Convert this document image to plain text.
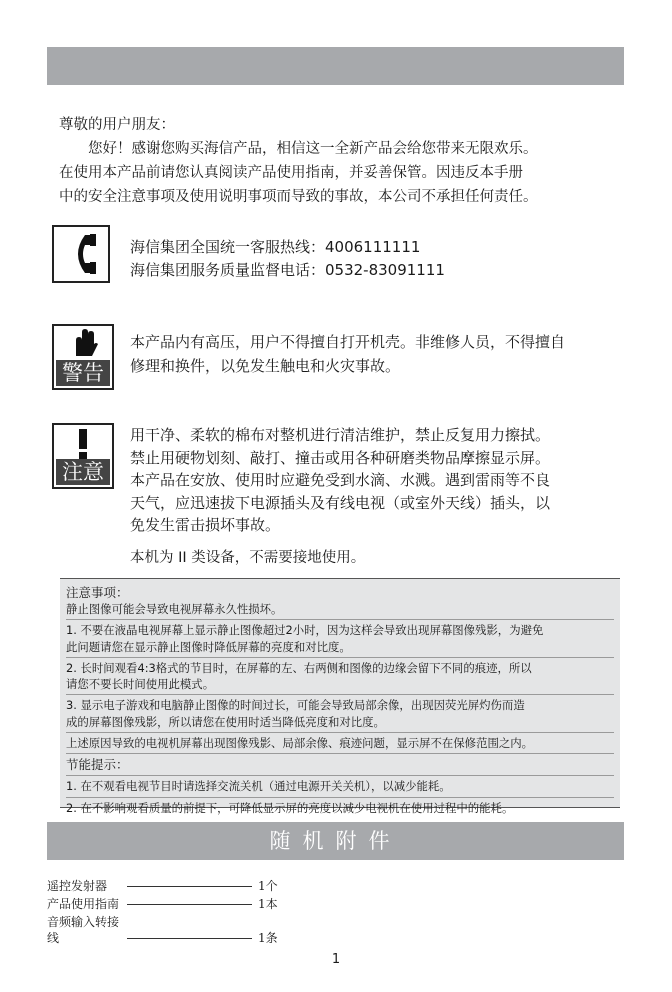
尊敬的用户朋友：

您好！感谢您购买海信产品，相信这一全新产品会给您带来无限欢乐。

在使用本产品前请您认真阅读产品使用指南，并妥善保管。因违反本手册

中的安全注意事项及使用说明事项而导致的事故，本公司不承担任何责任。

海信集团全国统一客服热线：4006111111

海信集团服务质量监督电话：0532-83091111

警告

本产品内有高压，用户不得擅自打开机壳。非维修人员，不得擅自

修理和换件，以免发生触电和火灾事故。

注意

用干净、柔软的棉布对整机进行清洁维护，禁止反复用力擦拭。

禁止用硬物划刻、敲打、撞击或用各种研磨类物品摩擦显示屏。

本产品在安放、使用时应避免受到水滴、水溅。遇到雷雨等不良

天气，应迅速拔下电源插头及有线电视（或室外天线）插头，以

免发生雷击损坏事故。

本机为 II 类设备，不需要接地使用。

注意事项：

静止图像可能会导致电视屏幕永久性损坏。

1. 不要在液晶电视屏幕上显示静止图像超过2小时，因为这样会导致出现屏幕图像残影，为避免

此问题请您在显示静止图像时降低屏幕的亮度和对比度。

2. 长时间观看4:3格式的节目时，在屏幕的左、右两侧和图像的边缘会留下不同的痕迹，所以

请您不要长时间使用此模式。

3. 显示电子游戏和电脑静止图像的时间过长，可能会导致局部余像，出现因荧光屏灼伤而造

成的屏幕图像残影，所以请您在使用时适当降低亮度和对比度。

上述原因导致的电视机屏幕出现图像残影、局部余像、痕迹问题，显示屏不在保修范围之内。

节能提示：

1. 在不观看电视节目时请选择交流关机（通过电源开关关机），以减少能耗。

2. 在不影响观看质量的前提下，可降低显示屏的亮度以减少电视机在使用过程中的能耗。

随机附件
遥控发射器	1个
产品使用指南	1本
音频输入转接线	1条
1
